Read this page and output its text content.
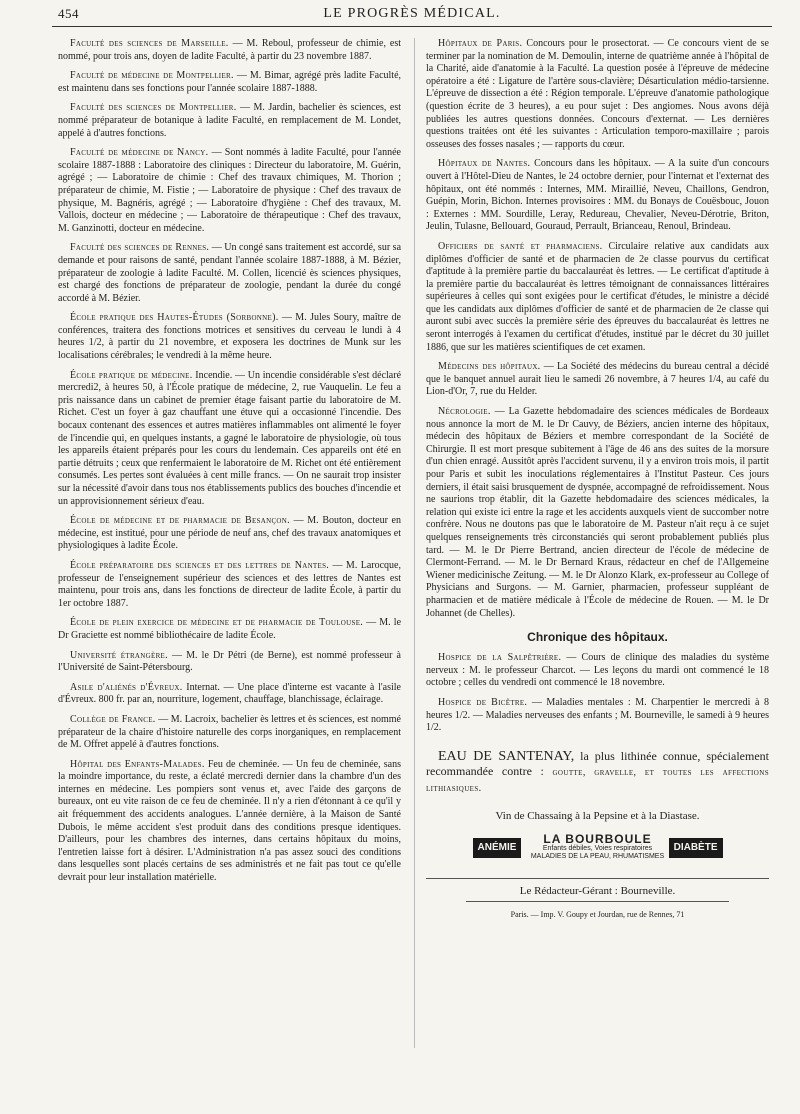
454	LE PROGRÈS MÉDICAL.

Faculté des sciences de Marseille. — M. Reboul, professeur de chimie, est nommé, pour trois ans, doyen de ladite Faculté, à partir du 23 novembre 1887.

Faculté de médecine de Montpellier. — M. Bimar, agrégé près ladite Faculté, est maintenu dans ses fonctions pour l'année scolaire 1887-1888.

Faculté des sciences de Montpellier. — M. Jardin, bachelier ès sciences, est nommé préparateur de botanique à ladite Faculté, en remplacement de M. Londet, appelé à d'autres fonctions.

Faculté de médecine de Nancy. — Sont nommés à ladite Faculté, pour l'année scolaire 1887-1888 : Laboratoire des cliniques : Directeur du laboratoire, M. Guérin, agrégé ; — Laboratoire de chimie : Chef des travaux chimiques, M. Thorion ; préparateur de chimie, M. Fistie ; — Laboratoire de physique : Chef des travaux de physique, M. Bagnéris, agrégé ; — Laboratoire d'hygiène : Chef des travaux, M. Vallois, docteur en médecine ; — Laboratoire de thérapeutique : Chef des travaux, M. Ganzinotti, docteur en médecine.

Faculté des sciences de Rennes. — Un congé sans traitement est accordé, sur sa demande et pour raisons de santé, pendant l'année scolaire 1887-1888, à M. Bézier, préparateur de zoologie à ladite Faculté. M. Collen, licencié ès sciences physiques, est chargé des fonctions de préparateur de zoologie, pendant la durée du congé accordé à M. Bézier.

École pratique des Hautes-Études (Sorbonne). — M. Jules Soury, maître de conférences, traitera des fonctions motrices et sensitives du cerveau le lundi à 4 heures 1/2, à partir du 21 novembre, et exposera les doctrines de Munk sur les localisations cérébrales; le vendredi à la même heure.

École pratique de médecine. Incendie. — Un incendie considérable s'est déclaré mercredi2, à heures 50, à l'École pratique de médecine, 2, rue Vauquelin. Le feu a pris naissance dans un cabinet de premier étage faisant partie du laboratoire de M. Richet. C'est un foyer à gaz chauffant une étuve qui a occasionné l'incendie. Des bocaux contenant des essences et autres matières inflammables ont alimenté le foyer de l'incendie qui, en quelques instants, a gagné le laboratoire de physiologie, où tous les appareils étaient préparés pour les cours du lendemain. Ces appareils ont été en partie détruits ; ceux que renfermaient le laboratoire de M. Richet ont été entièrement consumés. Les pertes sont évaluées à cent mille francs. — On ne saurait trop insister sur la nécessité d'avoir dans tous nos établissements publics des bouches d'incendie et un approvisionnement sérieux d'eau.

École de médecine et de pharmacie de Besançon. — M. Bouton, docteur en médecine, est institué, pour une période de neuf ans, chef des travaux anatomiques et physiologiques à ladite École.

École préparatoire des sciences et des lettres de Nantes. — M. Larocque, professeur de l'enseignement supérieur des sciences et des lettres de Nantes est maintenu, pour trois ans, dans les fonctions de directeur de ladite École, à partir du 1er octobre 1887.

École de plein exercice de médecine et de pharmacie de Toulouse. — M. le Dr Graciette est nommé bibliothécaire de ladite École.

Université étrangère. — M. le Dr Pétri (de Berne), est nommé professeur à l'Université de Saint-Pétersbourg.

Asile d'aliénés d'Évreux. Internat. — Une place d'interne est vacante à l'asile d'Évreux. 800 fr. par an, nourriture, logement, chauffage, blanchissage, éclairage.

Collège de France. — M. Lacroix, bachelier ès lettres et ès sciences, est nommé préparateur de la chaire d'histoire naturelle des corps inorganiques, en remplacement de M. Offret appelé à d'autres fonctions.

Hôpital des Enfants-Malades. Feu de cheminée. — Un feu de cheminée, sans la moindre importance, du reste, a éclaté mercredi dernier dans la chambre d'un des internes en médecine. Les pompiers sont venus et, avec l'aide des garçons de bureaux, ont eu vite raison de ce feu de cheminée. Il n'y a rien d'étonnant à ce qu'il y ait fréquemment des accidents analogues. L'année dernière, à la Maison de Santé Dubois, le même accident s'est produit dans des conditions presque identiques. D'ailleurs, pour les chambres des internes, dans certains hôpitaux du moins, l'entretien laisse fort à désirer. L'Administration n'a pas assez souci des conditions dans lesquelles sont placés certains de ses administrés et ne fait pas tout ce qu'elle devrait pour leur installation matérielle.

Hôpitaux de Paris. Concours pour le prosectorat. — Ce concours vient de se terminer par la nomination de M. Demoulin, interne de quatrième année à l'hôpital de la Charité, aide d'anatomie à la Faculté. La question posée à l'épreuve de médecine opératoire a été : Ligature de l'artère sous-clavière; Désarticulation médio-tarsienne. L'épreuve de dissection a été : Région temporale. L'épreuve d'anatomie pathologique (question écrite de 3 heures), a eu pour sujet : Des angiomes. Nous avons déjà publiées les autres questions données. Concours d'externat. — Les dernières questions traitées ont été les suivantes : Articulation temporo-maxillaire ; parois osseuses des fosses nasales ; — rapports du cœur.

Hôpitaux de Nantes. Concours dans les hôpitaux. — A la suite d'un concours ouvert à l'Hôtel-Dieu de Nantes, le 24 octobre dernier, pour l'internat et l'externat des hôpitaux, ont été nommés : Internes, MM. Miraillié, Neveu, Chaillons, Gendron, Guépin, Morin, Bichon. Internes provisoires : MM. du Bonays de Couësbouc, Jouon : Externes : MM. Sourdille, Leray, Redureau, Chevalier, Neveu-Dérotrie, Briton, Jeulin, Tulasne, Bellouard, Gouraud, Perrault, Brianceau, Renoul, Brindeau.

Officiers de santé et pharmaciens. Circulaire relative aux candidats aux diplômes d'officier de santé et de pharmacien de 2e classe pourvus du certificat d'aptitude à la première partie du baccalauréat ès lettres. — Le certificat d'aptitude à la première partie du baccalauréat ès lettres témoignant de connaissances littéraires supérieures à celles qui sont exigées pour le certificat d'études, le ministre a décidé que les candidats aux diplômes d'officier de santé et de pharmacien de 2e classe qui auront subi avec succès la première série des épreuves du baccalauréat ès lettres ne seront interrogés à l'examen du certificat d'études, institué par le décret du 30 juillet 1886, que sur les matières scientifiques de cet examen.

Médecins des hôpitaux. — La Société des médecins du bureau central a décidé que le banquet annuel aurait lieu le samedi 26 novembre, à 7 heures 1/4, au café du Lion-d'Or, 7, rue du Helder.

Nécrologie. — La Gazette hebdomadaire des sciences médicales de Bordeaux nous annonce la mort de M. le Dr Cauvy, de Béziers, ancien interne des hôpitaux, médecin des hôpitaux de Béziers et membre correspondant de la Société de Chirurgie. Il est mort presque subitement à l'âge de 46 ans des suites de la morsure d'un chien enragé. Aussitôt après l'accident survenu, il y a environ trois mois, il partit pour Paris et subit les inoculations réglementaires à l'Institut Pasteur. Ces jours derniers, il était saisi brusquement de dyspnée, accompagné de refroidissement. Nous ne saurions trop établir, dit la Gazette hebdomadaire des sciences médicales, la relation qui existe ici entre la rage et les accidents auxquels vient de succomber notre confrère. Nous ne doutons pas que le laboratoire de M. Pasteur n'ait reçu à ce sujet quelques renseignements très circonstanciés qui seront probablement publiés plus tard. — M. le Dr Pierre Bertrand, ancien directeur de l'école de médecine de Clermont-Ferrand. — M. le Dr Bernard Kraus, rédacteur en chef de l'Allgemeine Wiener medicinische Zeitung. — M. le Dr Alonzo Klark, ex-professeur au College of Physicians and Surgons. — M. Garnier, pharmacien, professeur suppléant de pharmacien et de matière médicale à l'École de médecine de Rouen. — M. le Dr Johannet (de Chelles).

Chronique des hôpitaux.

Hospice de la Salpêtrière. — Cours de clinique des maladies du système nerveux : M. le professeur Charcot. — Les leçons du mardi ont commencé le 18 octobre ; celles du vendredi ont commencé le 18 novembre.

Hospice de Bicêtre. — Maladies mentales : M. Charpentier le mercredi à 8 heures 1/2. — Maladies nerveuses des enfants ; M. Bourneville, le samedi à 9 heures 1/2.

EAU DE SANTENAY, la plus lithinée connue, spécialement recommandée contre : goutte, gravelle, et toutes les affections lithiasiques.
Vin de Chassaing à la Pepsine et à la Diastase.
ANÉMIE
LA BOURBOULE
Enfants débiles, Voies respiratoires
MALADIES DE LA PEAU, RHUMATISMES
DIABÈTE
Le Rédacteur-Gérant : Bourneville.
Paris. — Imp. V. Goupy et Jourdan, rue de Rennes, 71
